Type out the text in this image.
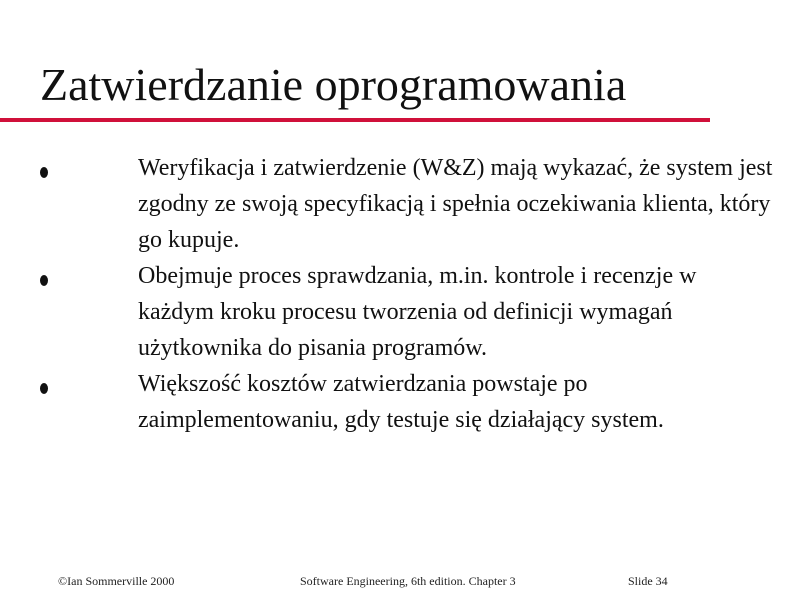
Zatwierdzanie oprogramowania
Weryfikacja i zatwierdzenie (W&Z) mają wykazać, że system jest zgodny ze swoją specyfikacją i spełnia oczekiwania klienta, który go kupuje.
Obejmuje proces sprawdzania, m.in. kontrole i recenzje w każdym kroku procesu tworzenia od definicji wymagań użytkownika do pisania programów.
Większość kosztów zatwierdzania powstaje po zaimplementowaniu, gdy testuje się działający system.
©Ian Sommerville 2000	Software Engineering, 6th edition. Chapter 3	Slide 34
